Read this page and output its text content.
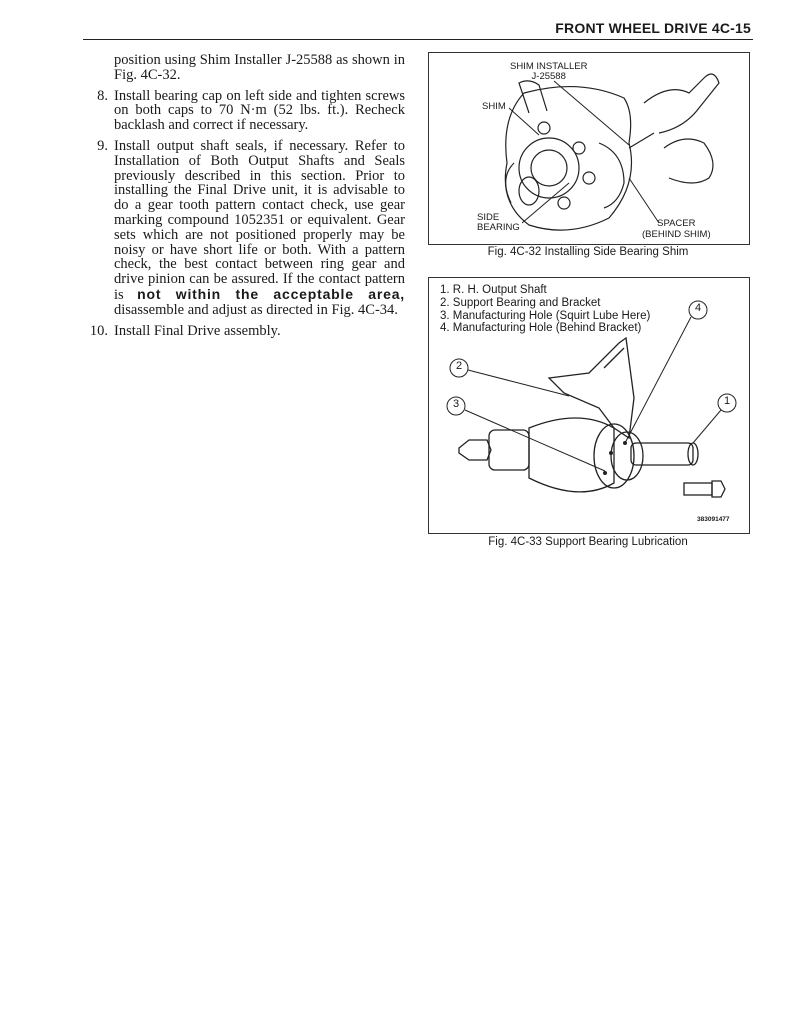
FRONT WHEEL DRIVE 4C-15

position using Shim Installer J-25588 as shown in Fig. 4C-32.

8. Install bearing cap on left side and tighten screws on both caps to 70 N·m (52 lbs. ft.). Recheck backlash and correct if necessary.

9. Install output shaft seals, if necessary. Refer to Installation of Both Output Shafts and Seals previously described in this section. Prior to installing the Final Drive unit, it is advisable to do a gear tooth pattern contact check, use gear marking compound 1052351 or equivalent. Gear sets which are not positioned properly may be noisy or have short life or both. With a pattern check, the best contact between ring gear and drive pinion can be assured. If the contact pattern is not within the acceptable area, disassemble and adjust as directed in Fig. 4C-34.

10. Install Final Drive assembly.

SHIM INSTALLER
J-25588
SHIM
SIDE
BEARING	SPACER
(BEHIND SHIM)
Fig. 4C-32 Installing Side Bearing Shim
1. R. H. Output Shaft
2. Support Bearing and Bracket
3. Manufacturing Hole (Squirt Lube Here)
4. Manufacturing Hole (Behind Bracket)
1
2
3
4
383091477
Fig. 4C-33 Support Bearing Lubrication
